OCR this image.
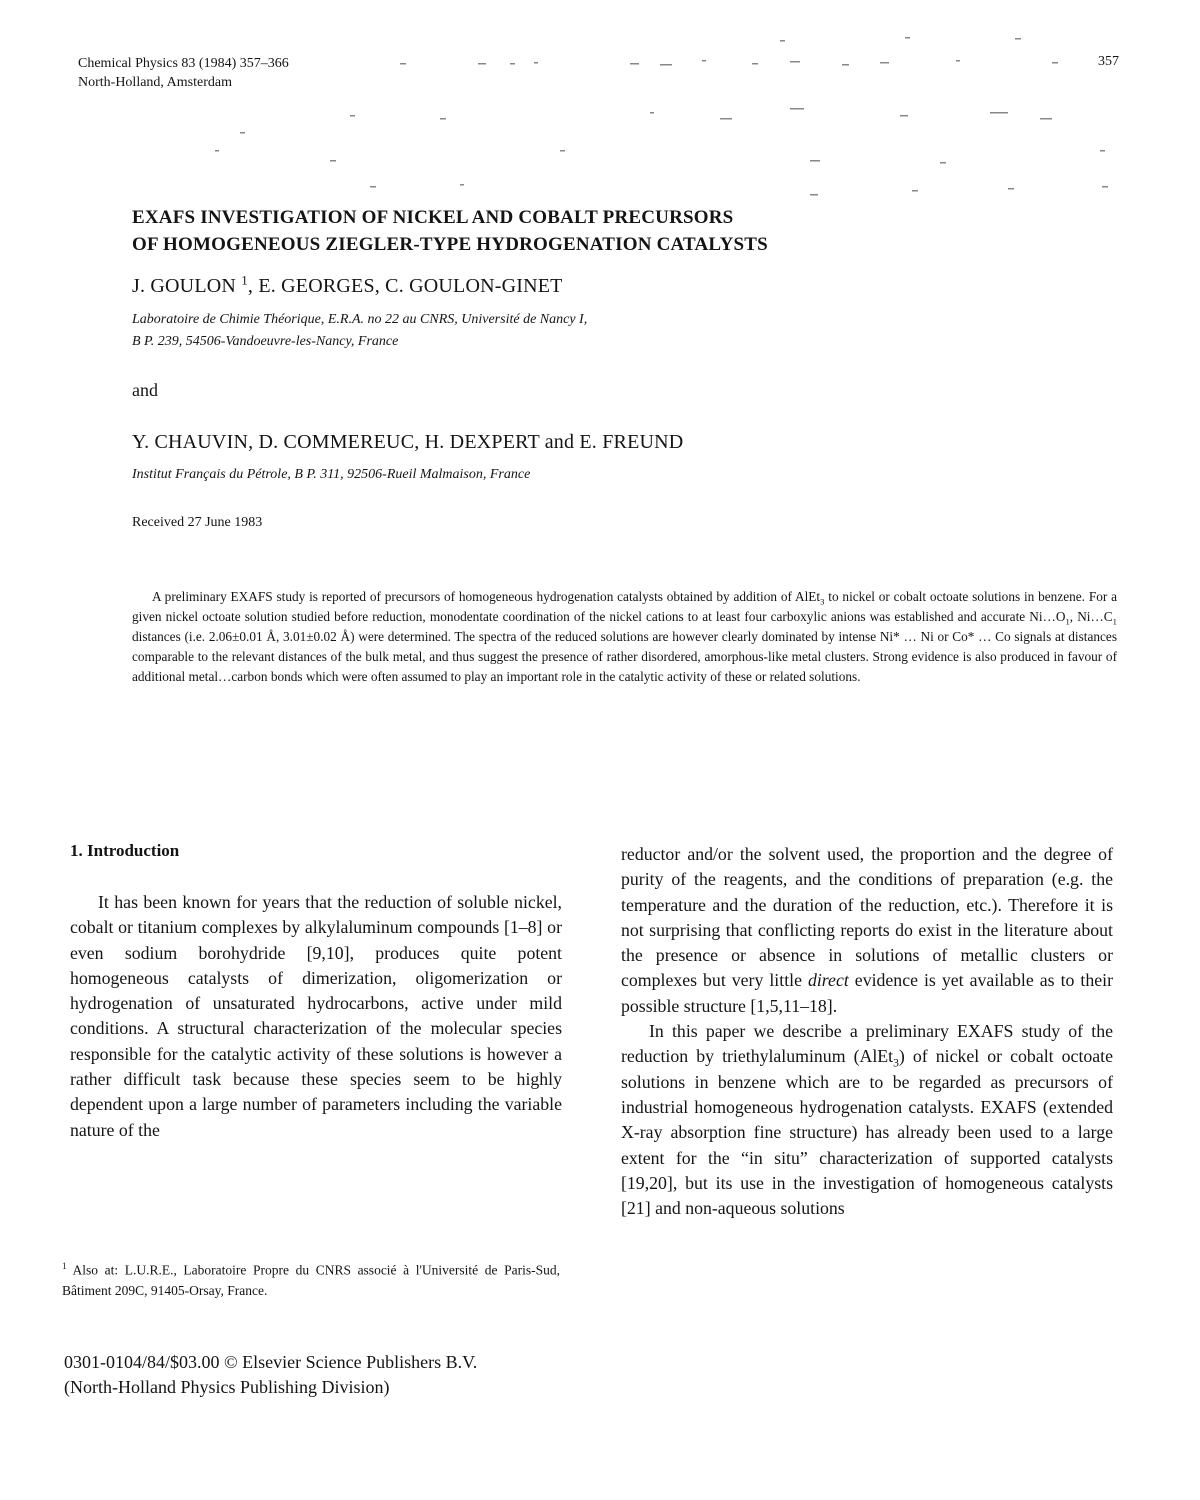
Chemical Physics 83 (1984) 357–366
North-Holland, Amsterdam
357
EXAFS INVESTIGATION OF NICKEL AND COBALT PRECURSORS
OF HOMOGENEOUS ZIEGLER-TYPE HYDROGENATION CATALYSTS
J. GOULON $^1$, E. GEORGES, C. GOULON-GINET
Laboratoire de Chimie Théorique, E.R.A. no 22 au CNRS, Université de Nancy I,
B P. 239, 54506-Vandoeuvre-les-Nancy, France
and
Y. CHAUVIN, D. COMMEREUC, H. DEXPERT and E. FREUND
Institut Français du Pétrole, B P. 311, 92506-Rueil Malmaison, France
Received 27 June 1983
A preliminary EXAFS study is reported of precursors of homogeneous hydrogenation catalysts obtained by addition of AlEt$_3$ to nickel or cobalt octoate solutions in benzene. For a given nickel octoate solution studied before reduction, monodentate coordination of the nickel cations to at least four carboxylic anions was established and accurate $Ni\dots O_1$, $Ni\dots C_1$ distances (i.e. 2.06±0.01 Å, 3.01±0.02 Å) were determined. The spectra of the reduced solutions are however clearly dominated by intense Ni* … Ni or Co* … Co signals at distances comparable to the relevant distances of the bulk metal, and thus suggest the presence of rather disordered, amorphous-like metal clusters. Strong evidence is also produced in favour of additional metal…carbon bonds which were often assumed to play an important role in the catalytic activity of these or related solutions.
1. Introduction

It has been known for years that the reduction of soluble nickel, cobalt or titanium complexes by alkylaluminum compounds [1–8] or even sodium borohydride [9,10], produces quite potent homogeneous catalysts of dimerization, oligomerization or hydrogenation of unsaturated hydrocarbons, active under mild conditions. A structural characterization of the molecular species responsible for the catalytic activity of these solutions is however a rather difficult task because these species seem to be highly dependent upon a large number of parameters including the variable nature of the

reductor and/or the solvent used, the proportion and the degree of purity of the reagents, and the conditions of preparation (e.g. the temperature and the duration of the reduction, etc.). Therefore it is not surprising that conflicting reports do exist in the literature about the presence or absence in solutions of metallic clusters or complexes but very little direct evidence is yet available as to their possible structure [1,5,11–18].

In this paper we describe a preliminary EXAFS study of the reduction by triethylaluminum (AlEt$_3$) of nickel or cobalt octoate solutions in benzene which are to be regarded as precursors of industrial homogeneous hydrogenation catalysts. EXAFS (extended X-ray absorption fine structure) has already been used to a large extent for the “in situ” characterization of supported catalysts [19,20], but its use in the investigation of homogeneous catalysts [21] and non-aqueous solutions

$^1$ Also at: L.U.R.E., Laboratoire Propre du CNRS associé à l'Université de Paris-Sud, Bâtiment 209C, 91405-Orsay, France.
0301-0104/84/$03.00 © Elsevier Science Publishers B.V.
(North-Holland Physics Publishing Division)
